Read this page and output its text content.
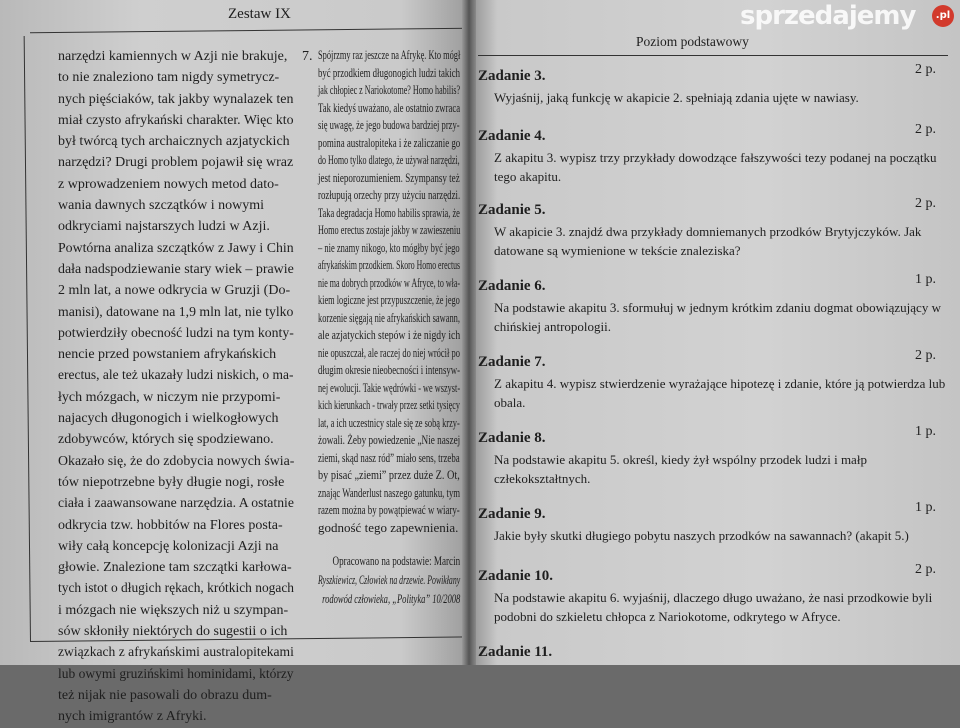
Zestaw IX
narzędzi kamiennych w Azji nie brakuje,
to nie znaleziono tam nigdy symetrycz-
nych pięściaków, tak jakby wynalazek ten
miał czysto afrykański charakter. Więc kto
był twórcą tych archaicznych azjatyckich
narzędzi? Drugi problem pojawił się wraz
z wprowadzeniem nowych metod dato-
wania dawnych szczątków i nowymi
odkryciami najstarszych ludzi w Azji.
Powtórna analiza szczątków z Jawy i Chin
dała nadspodziewanie stary wiek – prawie
2 mln lat, a nowe odkrycia w Gruzji (Do-
manisi), datowane na 1,9 mln lat, nie tylko
potwierdziły obecność ludzi na tym konty-
nencie przed powstaniem afrykańskich
erectus, ale też ukazały ludzi niskich, o ma-
łych mózgach, w niczym nie przypomi-
najacych długonogich i wielkogłowych
zdobywców, których się spodziewano.
Okazało się, że do zdobycia nowych świa-
tów niepotrzebne były długie nogi, rosłe
ciała i zaawansowane narzędzia. A ostatnie
odkrycia tzw. hobbitów na Flores posta-
wiły całą koncepcję kolonizacji Azji na
głowie. Znalezione tam szczątki karłowa-
tych istot o długich rękach, krótkich nogach
i mózgach nie większych niż u szympan-
sów skłoniły niektórych do sugestii o ich
związkach z afrykańskimi australopitekami
lub owymi gruzińskimi hominidami, którzy
też nijak nie pasowali do obrazu dum-
nych imigrantów z Afryki.
7. Spójrzmy raz jeszcze na Afrykę. Kto mógł
być przodkiem długonogich ludzi takich
jak chłopiec z Nariokotome? Homo habilis?
Tak kiedyś uważano, ale ostatnio zwraca
się uwagę, że jego budowa bardziej przy-
pomina australopiteka i że zaliczanie go
do Homo tylko dlatego, że używał narzędzi,
jest nieporozumieniem. Szympansy też
rozłupują orzechy przy użyciu narzędzi.
Taka degradacja Homo habilis sprawia, że
Homo erectus zostaje jakby w zawieszeniu
– nie znamy nikogo, kto mógłby być jego
afrykańskim przodkiem. Skoro Homo erectus
nie ma dobrych przodków w Afryce, to wła-
kiem logiczne jest przypuszczenie, że jego
korzenie sięgają nie afrykańskich sawann,
ale azjatyckich stepów i że nigdy ich
nie opuszczał, ale raczej do niej wrócił po
długim okresie nieobecności i intensyw-
nej ewolucji. Takie wędrówki - we wszyst-
kich kierunkach - trwały przez setki tysięcy
lat, a ich uczestnicy stale się ze sobą krzy-
żowali. Żeby powiedzenie „Nie naszej
ziemi, skąd nasz ród” miało sens, trzeba
by pisać „ziemi” przez duże Z. Ot,
znając Wanderlust naszego gatunku, tym
razem można by powątpiewać w wiary-
godność tego zapewnienia.
Opracowano na podstawie: Marcin
Ryszkiewicz, Człowiek na drzewie. Powikłany
rodowód człowieka, „Polityka” 10/2008
Poziom podstawowy
Zadanie 3.	2 p.
Wyjaśnij, jaką funkcję w akapicie 2. spełniają zdania ujęte w nawiasy.
Zadanie 4.	2 p.
Z akapitu 3. wypisz trzy przykłady dowodzące fałszywości tezy podanej na początku tego akapitu.
Zadanie 5.	2 p.
W akapicie 3. znajdź dwa przykłady domniemanych przodków Brytyjczyków. Jak datowane są wymienione w tekście znaleziska?
Zadanie 6.	1 p.
Na podstawie akapitu 3. sformułuj w jednym krótkim zdaniu dogmat obowiązujący w chińskiej antropologii.
Zadanie 7.	2 p.
Z akapitu 4. wypisz stwierdzenie wyrażające hipotezę i zdanie, które ją potwierdza lub obala.
Zadanie 8.	1 p.
Na podstawie akapitu 5. określ, kiedy żył wspólny przodek ludzi i małp człekokształtnych.
Zadanie 9.	1 p.
Jakie były skutki długiego pobytu naszych przodków na sawannach? (akapit 5.)
Zadanie 10.	2 p.
Na podstawie akapitu 6. wyjaśnij, dlaczego długo uważano, że nasi przodkowie byli podobni do szkieletu chłopca z Nariokotome, odkrytego w Afryce.
Zadanie 11.
sprzedajemy	.pl
